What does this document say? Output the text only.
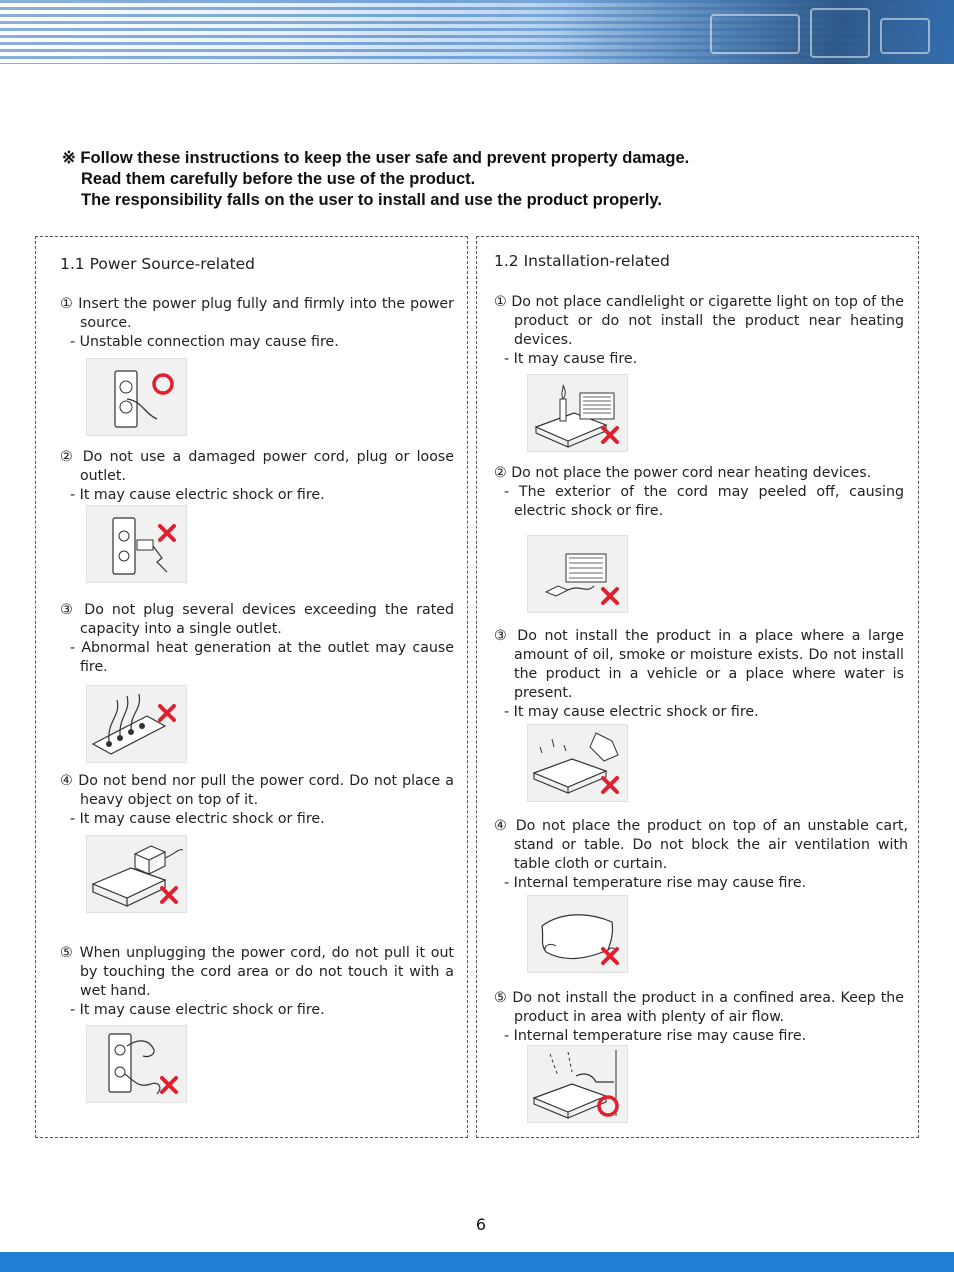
※ Follow these instructions to keep the user safe and prevent property damage.
Read them carefully before the use of the product.
The responsibility falls on the user to install and use the product properly.
1.1 Power Source-related
① Insert the power plug fully and firmly into the power source.
- Unstable connection may cause fire.
② Do not use a damaged power cord, plug or loose outlet.
- It may cause electric shock or fire.
③ Do not plug several devices exceeding the rated capacity into a single outlet.
- Abnormal heat generation at the outlet may cause fire.
④ Do not bend nor pull the power cord. Do not place a heavy object on top of it.
- It may cause electric shock or fire.
⑤ When unplugging the power cord, do not pull it out by touching the cord area or do not touch it with a wet hand.
- It may cause electric shock or fire.
1.2 Installation-related
① Do not place candlelight or cigarette light on top of the product or do not install the product near heating devices.
- It may cause fire.
② Do not place the power cord near heating devices.
- The exterior of the cord may peeled off, causing electric shock or fire.
③ Do not install the product in a place where a large amount of oil, smoke or moisture exists. Do not install the product in a vehicle or a place where water is present.
- It may cause electric shock or fire.
④ Do not place the product on top of an unstable cart, stand or table. Do not block the air ventilation with table cloth or curtain.
- Internal temperature rise may cause fire.
⑤ Do not install the product in a confined area. Keep the product in area with plenty of air flow.
- Internal temperature rise may cause fire.
6
